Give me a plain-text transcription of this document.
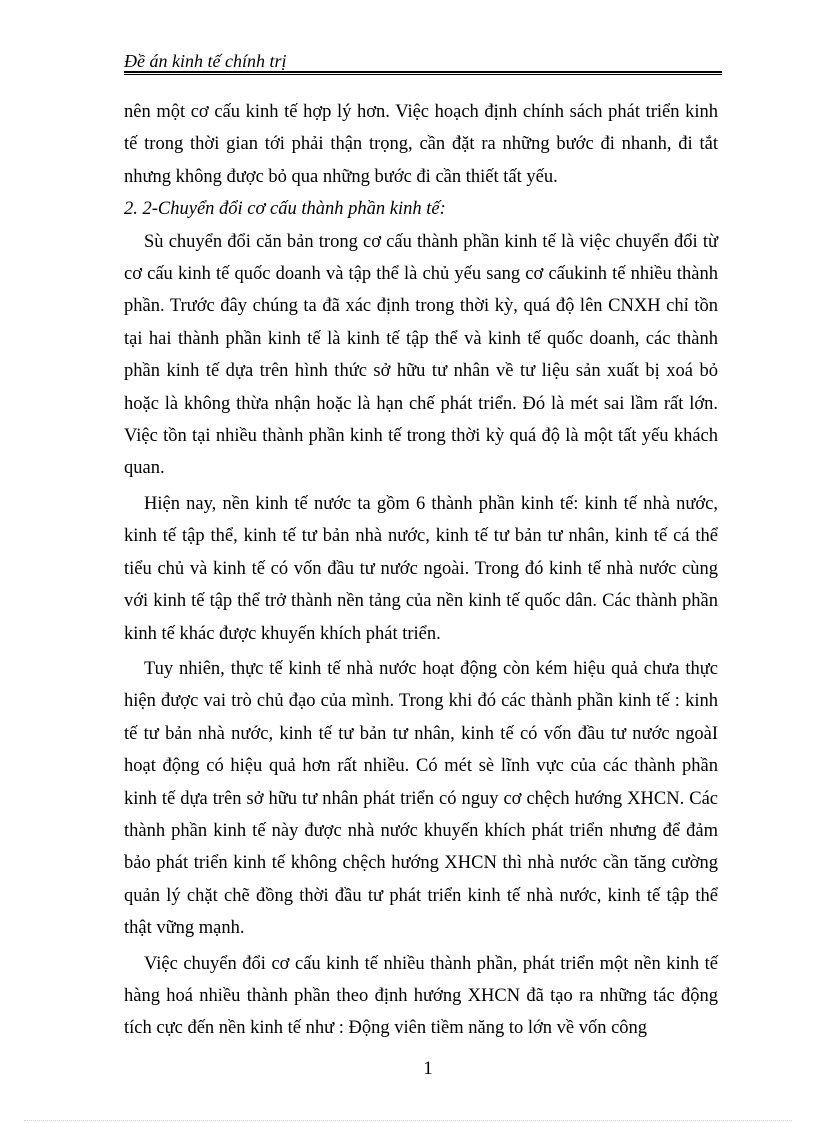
Đề án kinh tế chính trị

nên một cơ cấu kinh tế hợp lý hơn. Việc hoạch định chính sách phát triển kinh tế trong thời gian tới phải thận trọng, cần đặt ra những bước đi nhanh, đi tắt nhưng không được bỏ qua những bước đi cần thiết tất yếu.

2. 2-Chuyển đổi cơ cấu thành phần kinh tế:

Sù chuyển đổi căn bản trong cơ cấu thành phần kinh tế là việc chuyển đổi từ cơ cấu kinh tế quốc doanh và tập thể là chủ yếu sang cơ cấukinh tế nhiều thành phần. Trước đây chúng ta đã xác định trong thời kỳ, quá độ lên CNXH chỉ tồn tại hai thành phần kinh tế là kinh tế tập thể và kinh tế quốc doanh, các thành phần kinh tế dựa trên hình thức sở hữu tư nhân về tư liệu sản xuất bị xoá bỏ hoặc là không thừa nhận hoặc là hạn chế phát triển. Đó là mét sai lầm rất lớn. Việc tồn tại nhiều thành phần kinh tế trong thời kỳ quá độ là một tất yếu khách quan.

Hiện nay, nền kinh tế nước ta gồm 6 thành phần kinh tế: kinh tế nhà nước, kinh tế tập thể, kinh tế tư bản nhà nước, kinh tế tư bản tư nhân, kinh tế cá thể tiểu chủ và kinh tế có vốn đầu tư nước ngoài. Trong đó kinh tế nhà nước cùng với kinh tế tập thể trở thành nền tảng của nền kinh tế quốc dân. Các thành phần kinh tế khác được khuyến khích phát triển.

Tuy nhiên, thực tế kinh tế nhà nước hoạt động còn kém hiệu quả chưa thực hiện được vai trò chủ đạo của mình. Trong khi đó các thành phần kinh tế : kinh tế tư bản nhà nước, kinh tế tư bản tư nhân, kinh tế có vốn đầu tư nước ngoàI hoạt động có hiệu quả hơn rất nhiều. Có mét sè lĩnh vực của các thành phần kinh tế dựa trên sở hữu tư nhân phát triển có nguy cơ chệch hướng XHCN. Các thành phần kinh tế này được nhà nước khuyến khích phát triển nhưng để đảm bảo phát triển kinh tế không chệch hướng XHCN thì nhà nước cần tăng cường quản lý chặt chẽ đồng thời đầu tư phát triển kinh tế nhà nước, kinh tế tập thể thật vững mạnh.

Việc chuyển đổi cơ cấu kinh tế nhiều thành phần, phát triển một nền kinh tế hàng hoá nhiều thành phần theo định hướng XHCN đã tạo ra những tác động tích cực đến nền kinh tế như : Động viên tiềm năng to lớn về vốn công

1
